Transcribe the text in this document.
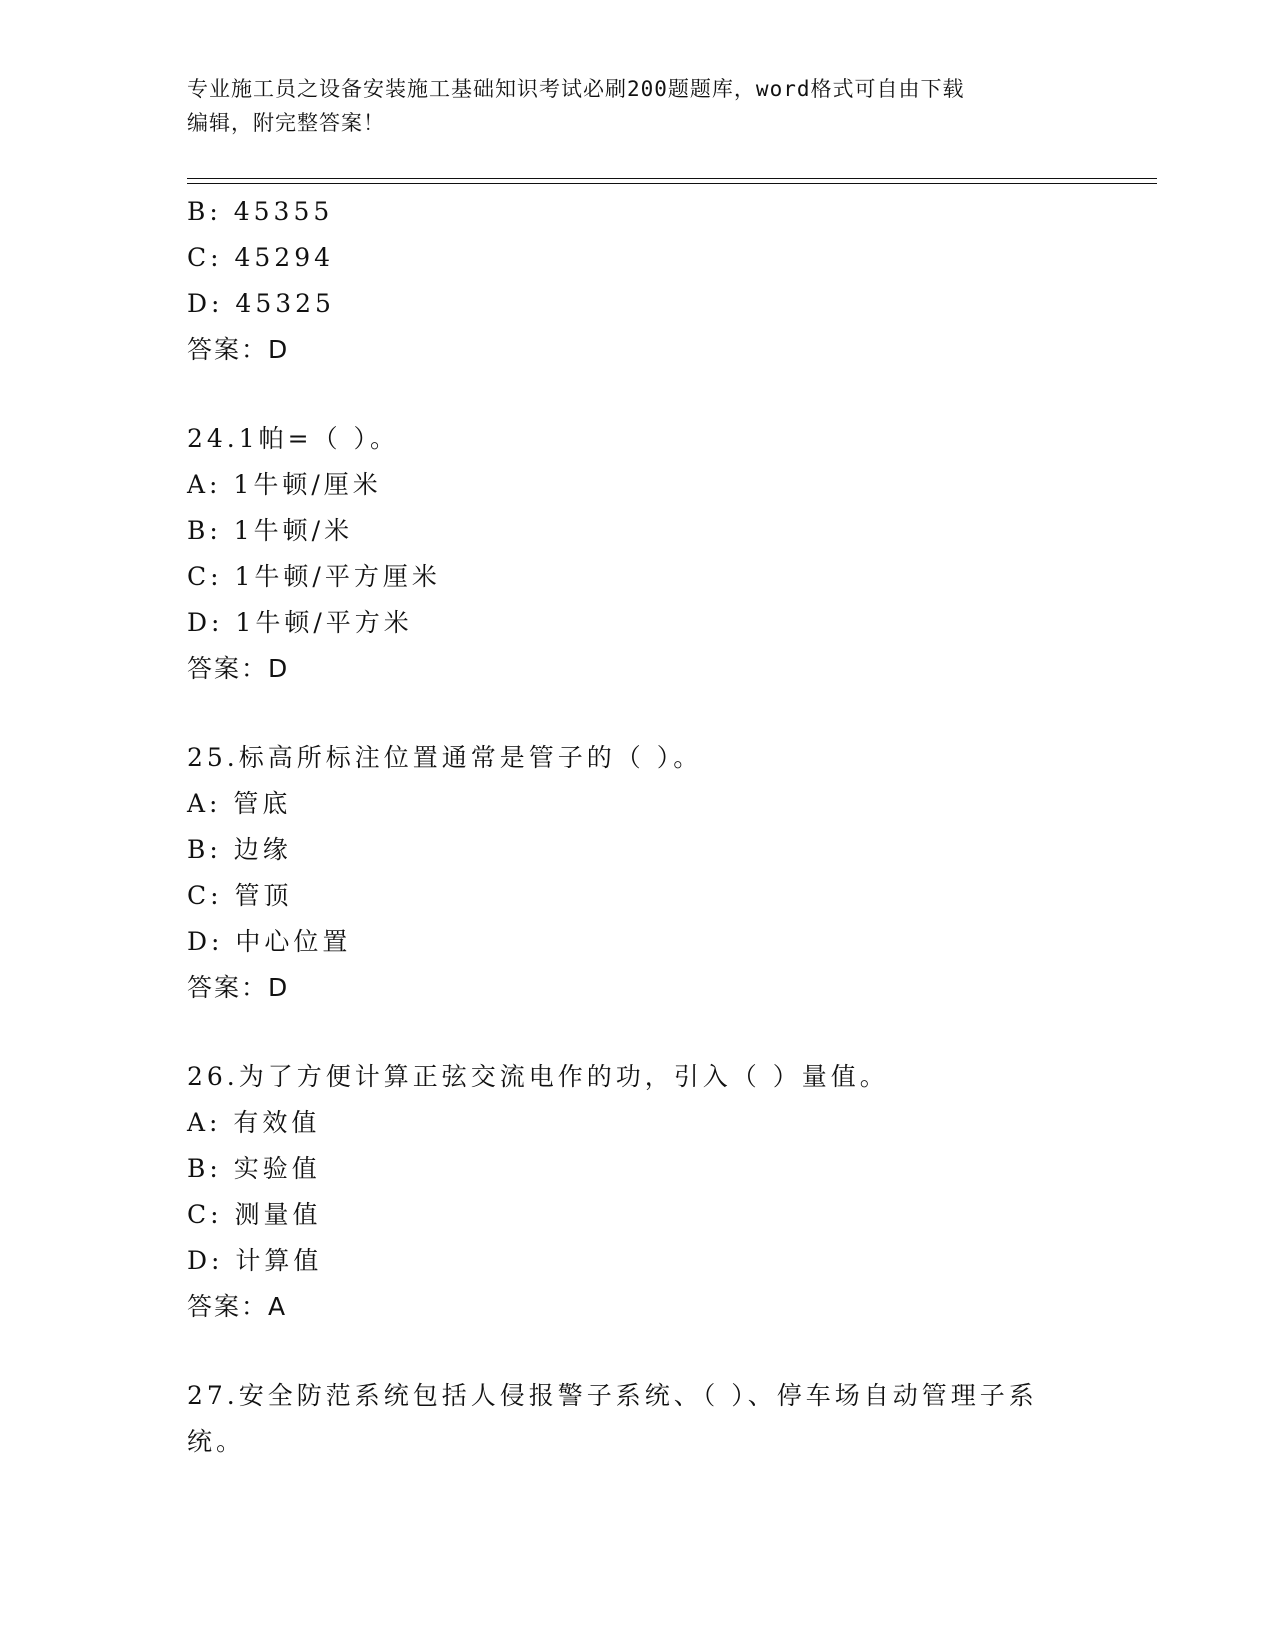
专业施工员之设备安装施工基础知识考试必刷200题题库，word格式可自由下载
编辑，附完整答案！
B: 45355
C: 45294
D: 45325
答案：D
24.1帕=（ ）。
A: 1牛顿/厘米
B: 1牛顿/米
C: 1牛顿/平方厘米
D: 1牛顿/平方米
答案：D
25.标高所标注位置通常是管子的（ ）。
A: 管底
B: 边缘
C: 管顶
D: 中心位置
答案：D
26.为了方便计算正弦交流电作的功，引入（ ）量值。
A: 有效值
B: 实验值
C: 测量值
D: 计算值
答案：A
27.安全防范系统包括人侵报警子系统、（ ）、停车场自动管理子系
统。
